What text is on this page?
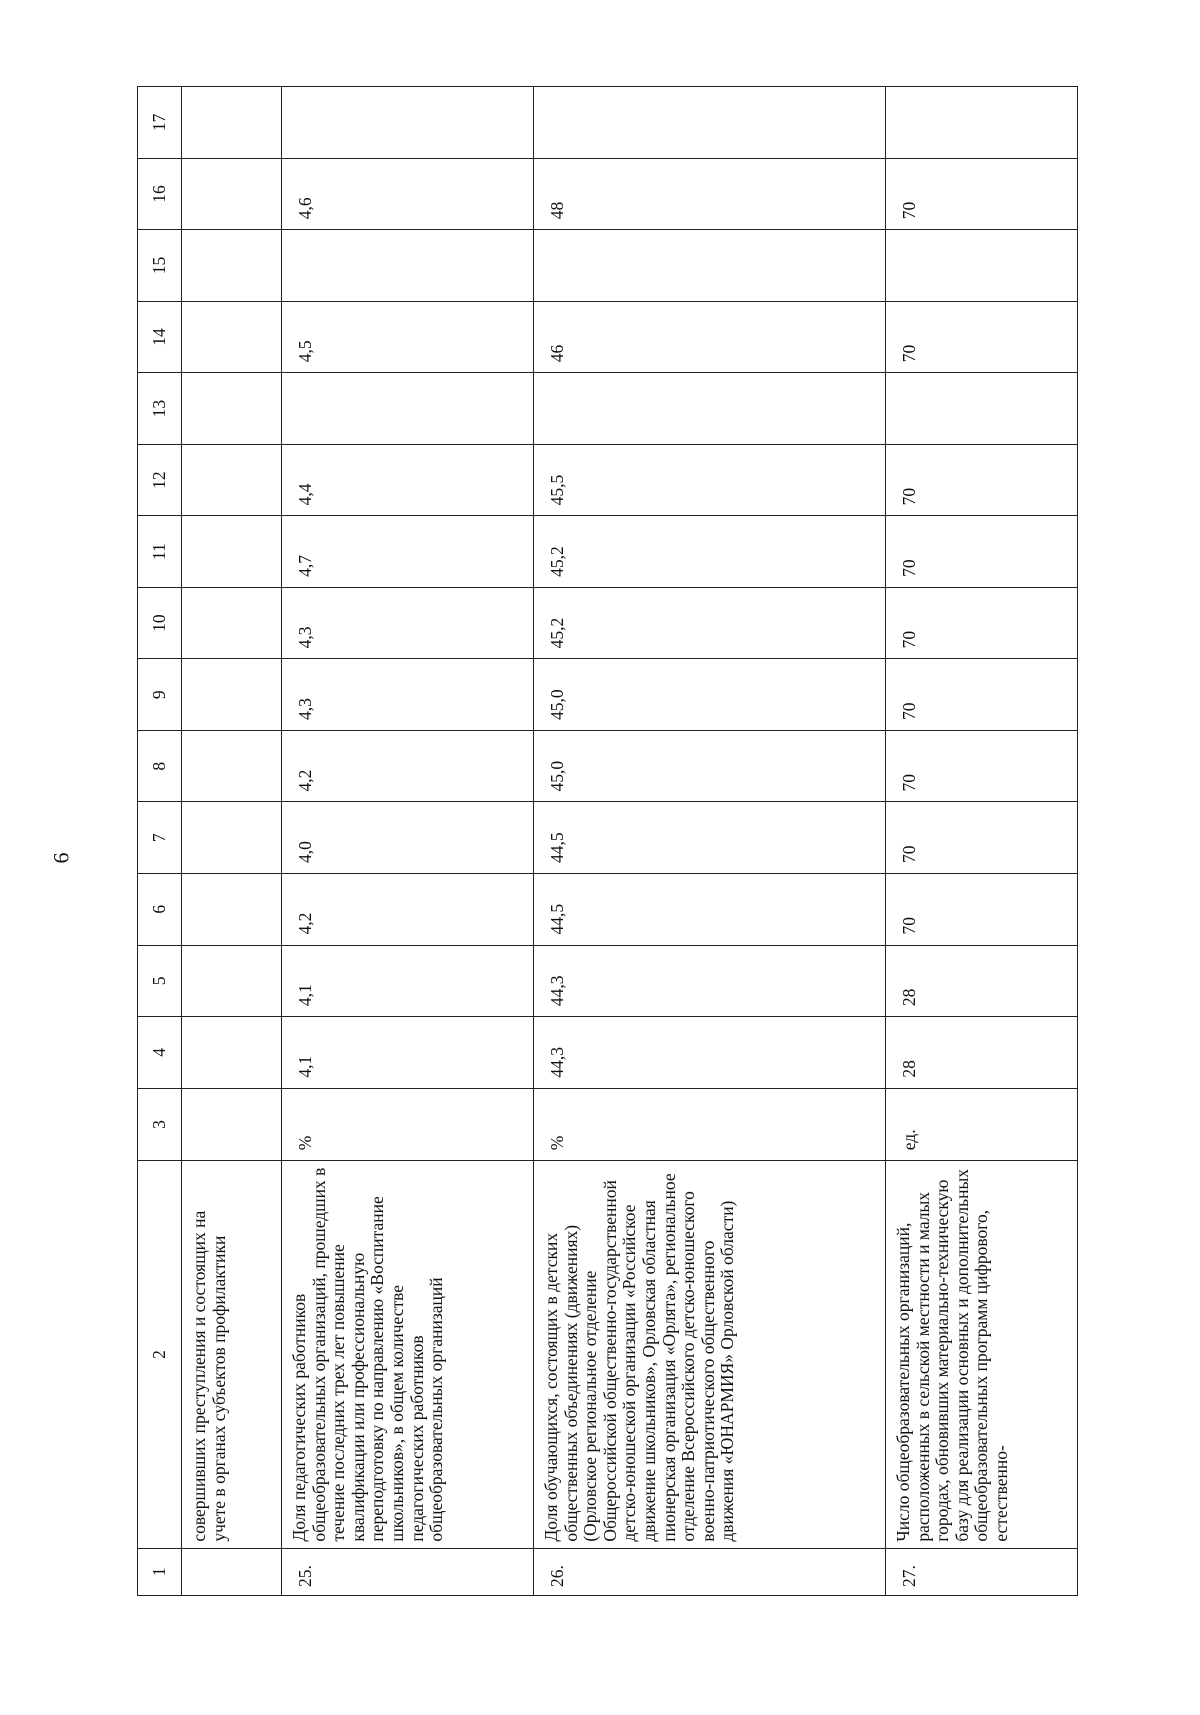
6
1	2	3	4	5	6	7	8	9	10	11	12	13	14	15	16	17
	совершивших преступления и состоящих на учете в органах субъектов профилактики															
25.	Доля педагогических работников общеобразовательных организаций, прошедших в течение последних трех лет повышение квалификации или профессиональную переподготовку по направлению «Воспитание школьников», в общем количестве педагогических работников общеобразовательных организаций	%	4,1	4,1	4,2	4,0	4,2	4,3	4,3	4,7	4,4		4,5		4,6	
26.	Доля обучающихся, состоящих в детских общественных объединениях (движениях) (Орловское региональное отделение Общероссийской общественно-государственной детско-юношеской организации «Российское движение школьников», Орловская областная пионерская организация «Орлята», региональное отделение Всероссийского детско-юношеского военно-патриотического общественного движения «ЮНАРМИЯ» Орловской области)	%	44,3	44,3	44,5	44,5	45,0	45,0	45,2	45,2	45,5		46		48	
27.	Число общеобразовательных организаций, расположенных в сельской местности и малых городах, обновивших материально-техническую базу для реализации основных и дополнительных общеобразовательных программ цифрового, естественно-	ед.	28	28	70	70	70	70	70	70	70		70		70	
